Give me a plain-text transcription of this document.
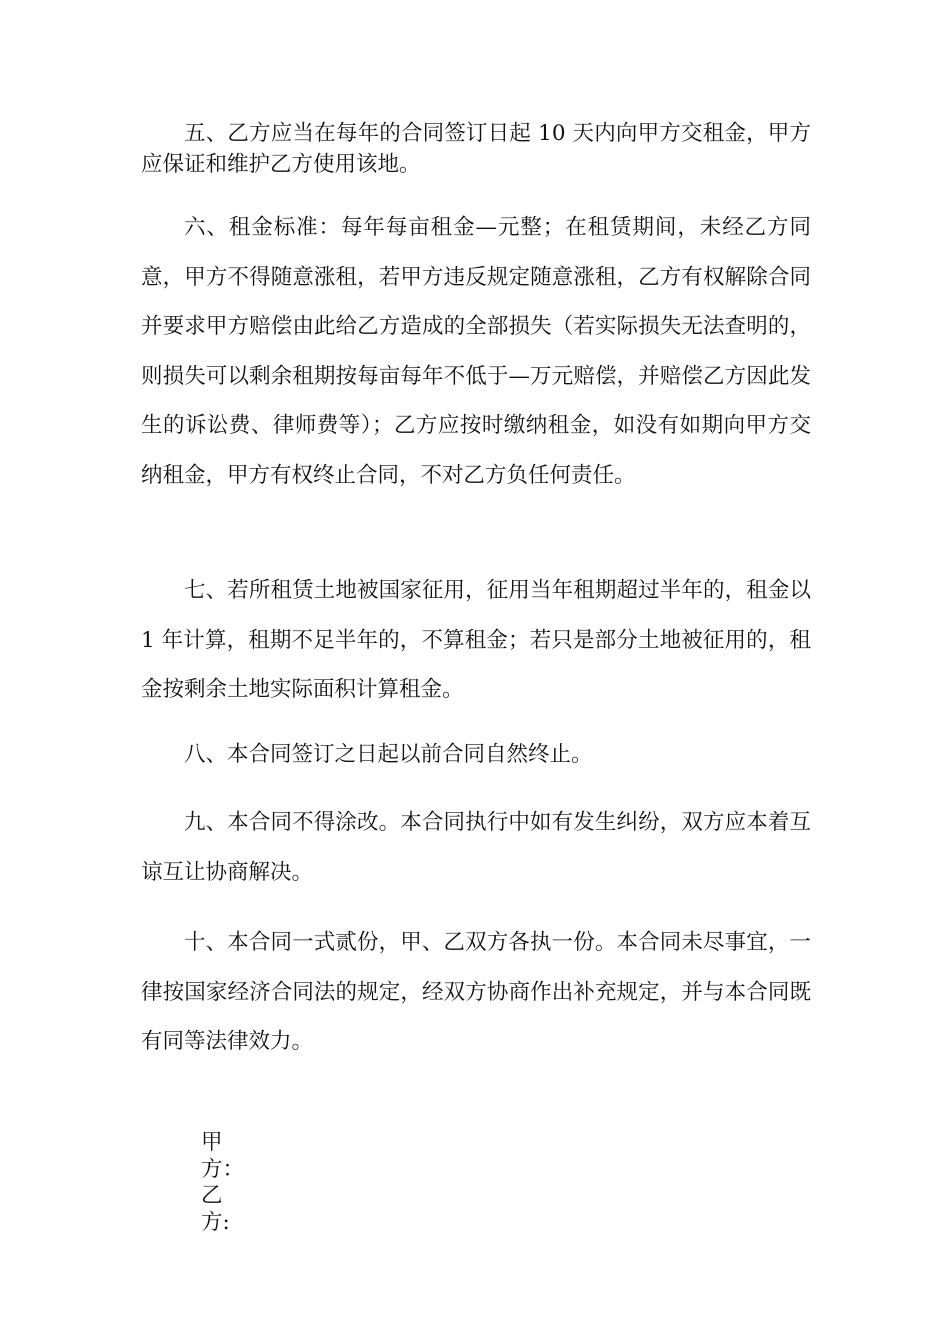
五、乙方应当在每年的合同签订日起 10 天内向甲方交租金，甲方应保证和维护乙方使用该地。

六、租金标准：每年每亩租金—元整；在租赁期间，未经乙方同意，甲方不得随意涨租，若甲方违反规定随意涨租，乙方有权解除合同并要求甲方赔偿由此给乙方造成的全部损失（若实际损失无法查明的，则损失可以剩余租期按每亩每年不低于—万元赔偿，并赔偿乙方因此发生的诉讼费、律师费等）；乙方应按时缴纳租金，如没有如期向甲方交纳租金，甲方有权终止合同，不对乙方负任何责任。

七、若所租赁土地被国家征用，征用当年租期超过半年的，租金以 1 年计算，租期不足半年的，不算租金；若只是部分土地被征用的，租金按剩余土地实际面积计算租金。

八、本合同签订之日起以前合同自然终止。

九、本合同不得涂改。本合同执行中如有发生纠纷，双方应本着互谅互让协商解决。

十、本合同一式贰份，甲、乙双方各执一份。本合同未尽事宜，一律按国家经济合同法的规定，经双方协商作出补充规定，并与本合同既有同等法律效力。

甲
方：
乙
方:
